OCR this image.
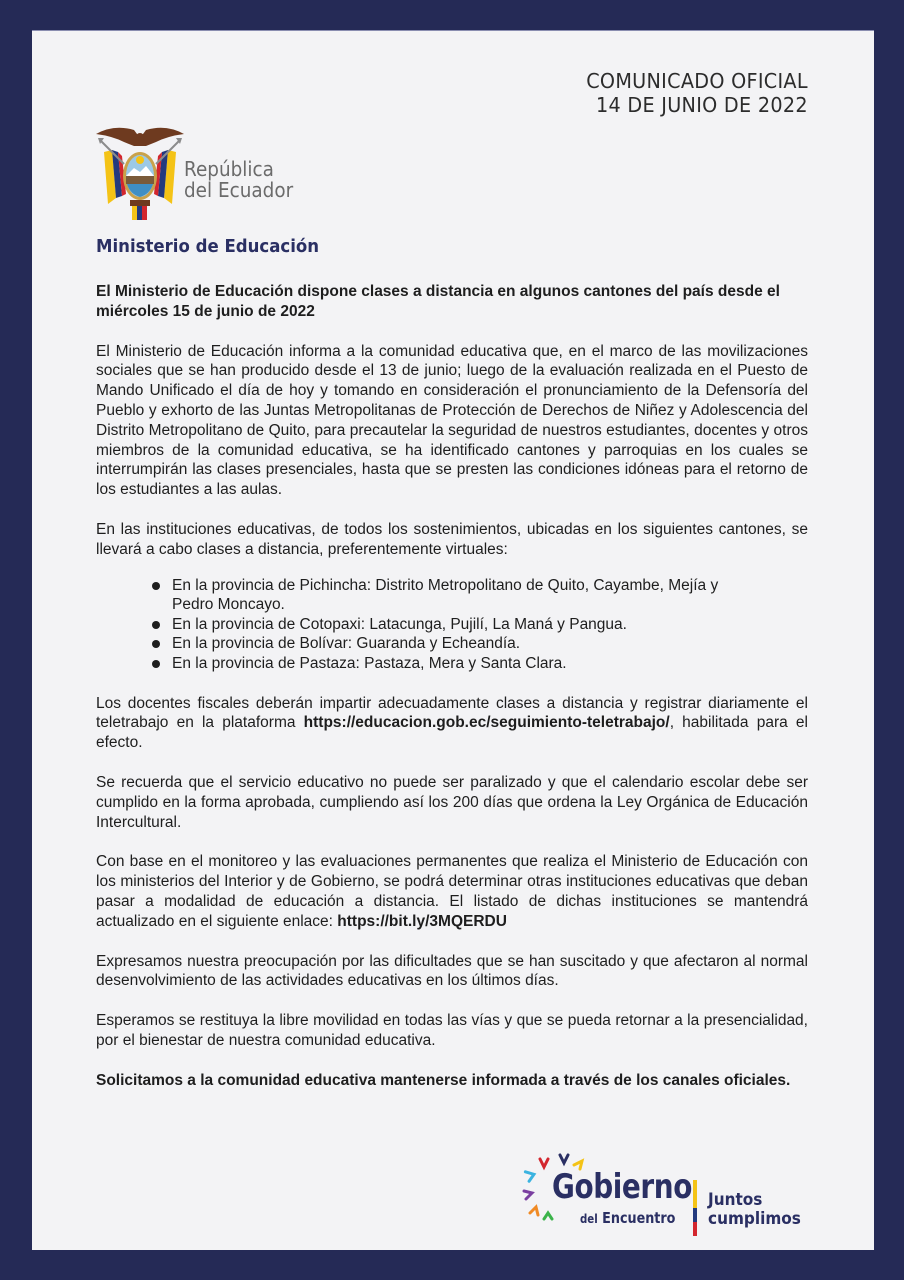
COMUNICADO OFICIAL
14 DE JUNIO DE 2022
República
del Ecuador
Ministerio de Educación

El Ministerio de Educación dispone clases a distancia en algunos cantones del país desde el miércoles 15 de junio de 2022

El Ministerio de Educación informa a la comunidad educativa que, en el marco de las movilizaciones sociales que se han producido desde el 13 de junio; luego de la evaluación realizada en el Puesto de Mando Unificado el día de hoy y tomando en consideración el pronunciamiento de la Defensoría del Pueblo y exhorto de las Juntas Metropolitanas de Protección de Derechos de Niñez y Adolescencia del Distrito Metropolitano de Quito, para precautelar la seguridad de nuestros estudiantes, docentes y otros miembros de la comunidad educativa, se ha identificado cantones y parroquias en los cuales se interrumpirán las clases presenciales, hasta que se presten las condiciones idóneas para el retorno de los estudiantes a las aulas.

En las instituciones educativas, de todos los sostenimientos, ubicadas en los siguientes cantones, se llevará a cabo clases a distancia, preferentemente virtuales:

En la provincia de Pichincha: Distrito Metropolitano de Quito, Cayambe, Mejía y Pedro Moncayo.
En la provincia de Cotopaxi: Latacunga, Pujilí, La Maná y Pangua.
En la provincia de Bolívar: Guaranda y Echeandía.
En la provincia de Pastaza: Pastaza, Mera y Santa Clara.

Los docentes fiscales deberán impartir adecuadamente clases a distancia y registrar diariamente el teletrabajo en la plataforma https://educacion.gob.ec/seguimiento-teletrabajo/, habilitada para el efecto.

Se recuerda que el servicio educativo no puede ser paralizado y que el calendario escolar debe ser cumplido en la forma aprobada, cumpliendo así los 200 días que ordena la Ley Orgánica de Educación Intercultural.

Con base en el monitoreo y las evaluaciones permanentes que realiza el Ministerio de Educación con los ministerios del Interior y de Gobierno, se podrá determinar otras instituciones educativas que deban pasar a modalidad de educación a distancia. El listado de dichas instituciones se mantendrá actualizado en el siguiente enlace: https://bit.ly/3MQERDU

Expresamos nuestra preocupación por las dificultades que se han suscitado y que afectaron al normal desenvolvimiento de las actividades educativas en los últimos días.

Esperamos se restituya la libre movilidad en todas las vías y que se pueda retornar a la presencialidad, por el bienestar de nuestra comunidad educativa.

Solicitamos a la comunidad educativa mantenerse informada a través de los canales oficiales.

Gobierno
del Encuentro
Juntos
cumplimos
